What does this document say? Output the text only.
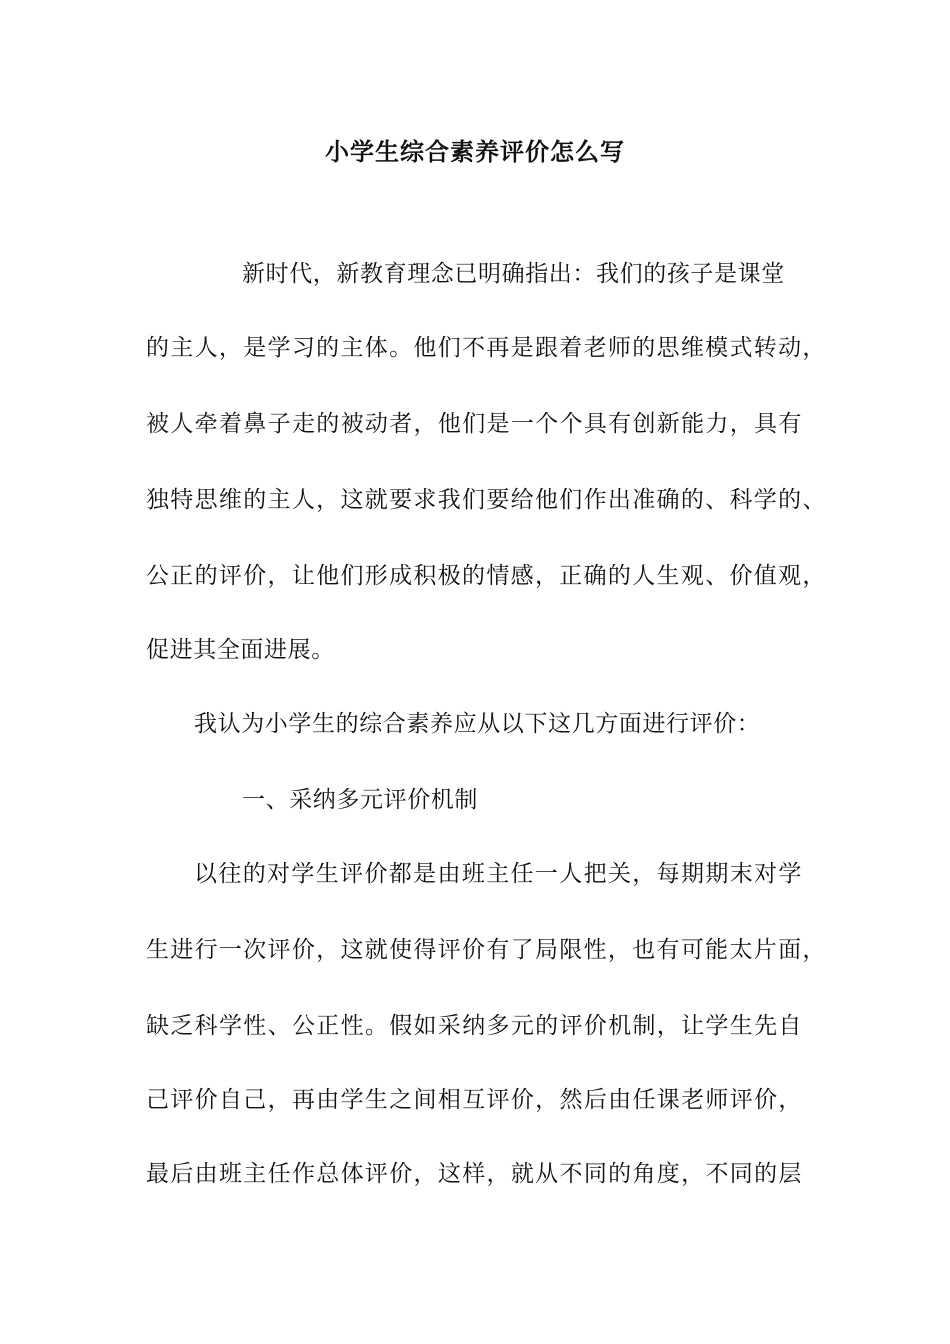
小学生综合素养评价怎么写
新时代，新教育理念已明确指出：我们的孩子是课堂
的主人，是学习的主体。他们不再是跟着老师的思维模式转动，
被人牵着鼻子走的被动者，他们是一个个具有创新能力，具有
独特思维的主人，这就要求我们要给他们作出准确的、科学的、
公正的评价，让他们形成积极的情感，正确的人生观、价值观，
促进其全面进展。
我认为小学生的综合素养应从以下这几方面进行评价：
一、采纳多元评价机制
以往的对学生评价都是由班主任一人把关，每期期末对学
生进行一次评价，这就使得评价有了局限性，也有可能太片面，
缺乏科学性、公正性。假如采纳多元的评价机制，让学生先自
己评价自己，再由学生之间相互评价，然后由任课老师评价，
最后由班主任作总体评价，这样，就从不同的角度，不同的层
